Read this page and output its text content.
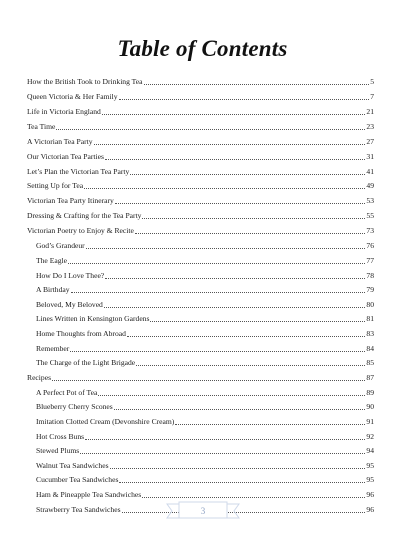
Table of Contents
How the British Took to Drinking Tea	5
Queen Victoria & Her Family	7
Life in Victoria England	21
Tea Time	23
A Victorian Tea Party	27
Our Victorian Tea Parties	31
Let’s Plan the Victorian Tea Party	41
Setting Up for Tea	49
Victorian Tea Party Itinerary	53
Dressing & Crafting for the Tea Party	55
Victorian Poetry to Enjoy & Recite	73
God’s Grandeur	76
The Eagle	77
How Do I Love Thee?	78
A Birthday	79
Beloved, My Beloved	80
Lines Written in Kensington Gardens	81
Home Thoughts from Abroad	83
Remember	84
The Charge of the Light Brigade	85
Recipes	87
A Perfect Pot of Tea	89
Blueberry Cherry Scones	90
Imitation Clotted Cream (Devonshire Cream)	91
Hot Cross Buns	92
Stewed Plums	94
Walnut Tea Sandwiches	95
Cucumber Tea Sandwiches	95
Ham & Pineapple Tea Sandwiches	96
Strawberry Tea Sandwiches	96
3
